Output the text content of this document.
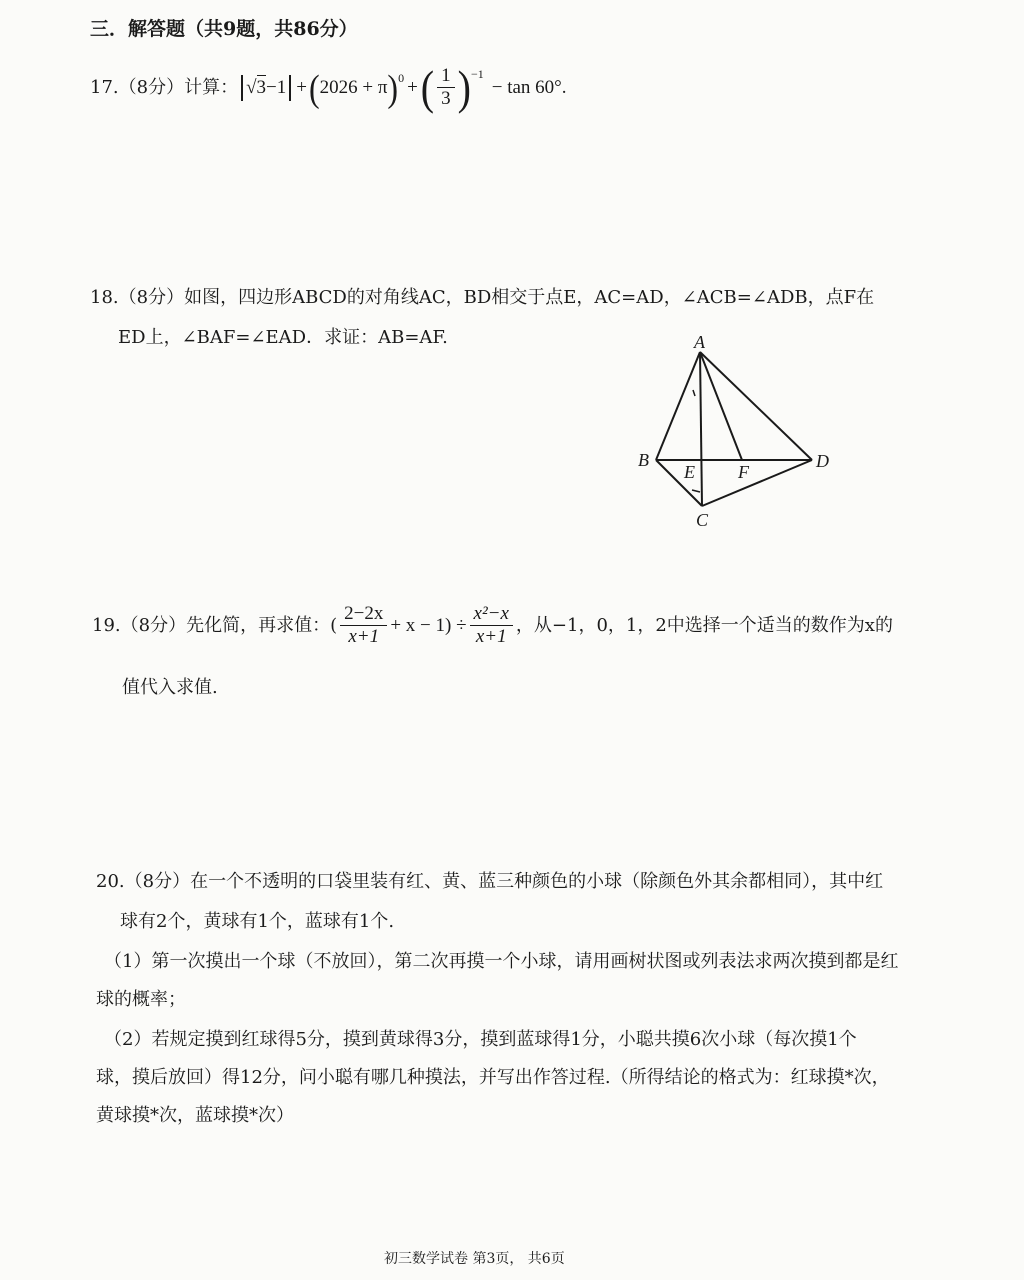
三．解答题（共9题，共86分）
17.（8分）计算： √ 3 −1 + ( 2026 + π )$^0$ + ( $\frac{1}{3} )^{-1}$
− tan 60° .
18.（8分）如图，四边形ABCD的对角线AC，BD相交于点E，AC=AD，∠ACB=∠ADB，点F在
ED上，∠BAF=∠EAD．求证：AB=AF.	A
B
E F
D
C
19.（8分）先化简，再求值：( $\frac{2-2x}{x+1} + x - 1) \div \frac{\text{x²−x}}{x+1}$ ，从−1，0，1，2中选择一个适当的数作为x的
值代入求值.
20.（8分）在一个不透明的口袋里装有红、黄、蓝三种颜色的小球（除颜色外其余都相同），其中红
球有2个，黄球有1个，蓝球有1个.
（1）第一次摸出一个球（不放回），第二次再摸一个小球，请用画树状图或列表法求两次摸到都是红
球的概率；
（2）若规定摸到红球得5分，摸到黄球得3分，摸到蓝球得1分，小聪共摸6次小球（每次摸1个
球，摸后放回）得12分，问小聪有哪几种摸法，并写出作答过程.（所得结论的格式为：红球摸*次，
黄球摸*次，蓝球摸*次）
初三数学试卷 第3页， 共6页
